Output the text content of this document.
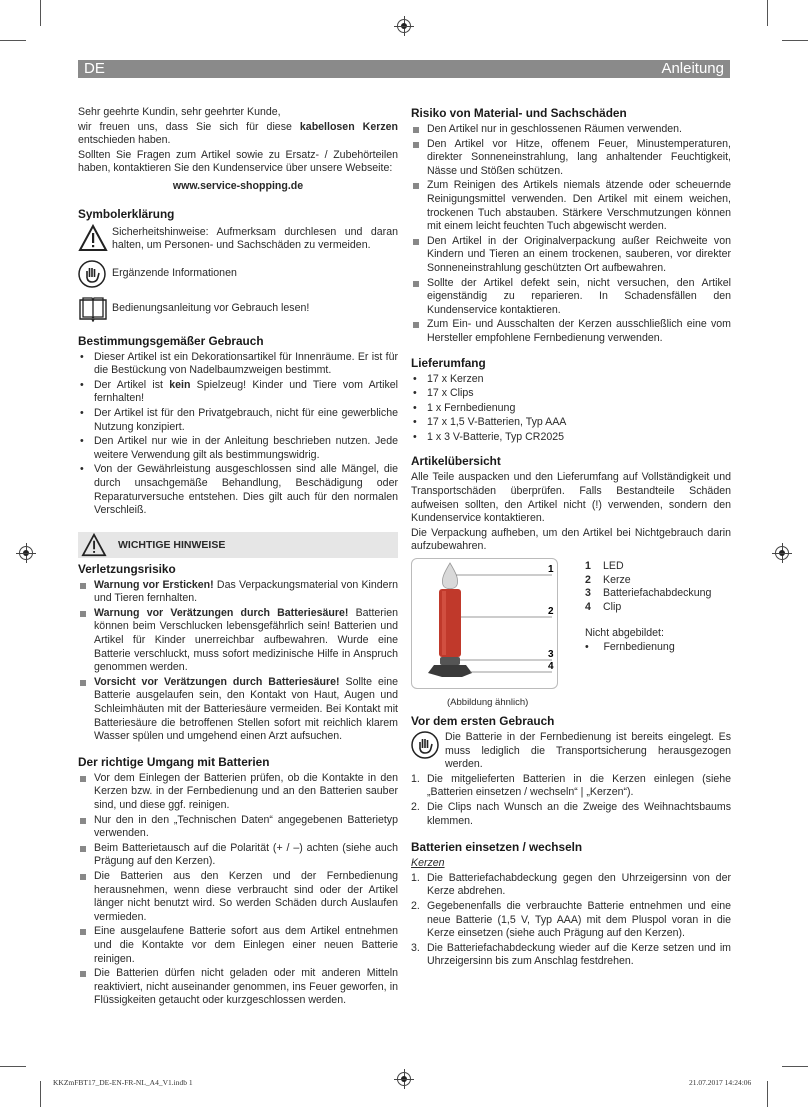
DE	Anleitung

Sehr geehrte Kundin, sehr geehrter Kunde,

wir freuen uns, dass Sie sich für diese kabellosen Kerzen entschieden haben.

Sollten Sie Fragen zum Artikel sowie zu Ersatz- / Zubehörteilen haben, kontaktieren Sie den Kundenservice über unsere Webseite:

www.service-shopping.de

Symbolerklärung

Sicherheitshinweise: Aufmerksam durchlesen und daran halten, um Personen- und Sachschäden zu vermeiden.

Ergänzende Informationen

Bedienungsanleitung vor Gebrauch lesen!

Bestimmungsgemäßer Gebrauch
• Dieser Artikel ist ein Dekorationsartikel für Innenräume. Er ist für die Bestückung von Nadelbaumzweigen bestimmt.
• Der Artikel ist kein Spielzeug! Kinder und Tiere vom Artikel fernhalten!
• Der Artikel ist für den Privatgebrauch, nicht für eine gewerbliche Nutzung konzipiert.
• Den Artikel nur wie in der Anleitung beschrieben nutzen. Jede weitere Verwendung gilt als bestimmungswidrig.
• Von der Gewährleistung ausgeschlossen sind alle Mängel, die durch unsachgemäße Behandlung, Beschädigung oder Reparaturversuche entstehen. Dies gilt auch für den normalen Verschleiß.
WICHTIGE HINWEISE
Verletzungsrisiko
Warnung vor Ersticken! Das Verpackungsmaterial von Kindern und Tieren fernhalten.
Warnung vor Verätzungen durch Batteriesäure! Batterien können beim Verschlucken lebensgefährlich sein! Batterien und Artikel für Kinder unerreichbar aufbewahren. Wurde eine Batterie verschluckt, muss sofort medizinische Hilfe in Anspruch genommen werden.
Vorsicht vor Verätzungen durch Batteriesäure! Sollte eine Batterie ausgelaufen sein, den Kontakt von Haut, Augen und Schleimhäuten mit der Batteriesäure vermeiden. Bei Kontakt mit Batteriesäure die betroffenen Stellen sofort mit reichlich klarem Wasser spülen und umgehend einen Arzt aufsuchen.
Der richtige Umgang mit Batterien
Vor dem Einlegen der Batterien prüfen, ob die Kontakte in den Kerzen bzw. in der Fernbedienung und an den Batterien sauber sind, und diese ggf. reinigen.
Nur den in den „Technischen Daten“ angegebenen Batterietyp verwenden.
Beim Batterietausch auf die Polarität (+ / –) achten (siehe auch Prägung auf den Kerzen).
Die Batterien aus den Kerzen und der Fernbedienung herausnehmen, wenn diese verbraucht sind oder der Artikel länger nicht benutzt wird. So werden Schäden durch Auslaufen vermieden.
Eine ausgelaufene Batterie sofort aus dem Artikel entnehmen und die Kontakte vor dem Einlegen einer neuen Batterie reinigen.
Die Batterien dürfen nicht geladen oder mit anderen Mitteln reaktiviert, nicht auseinander genommen, ins Feuer geworfen, in Flüssigkeiten getaucht oder kurzgeschlossen werden.
Risiko von Material- und Sachschäden
Den Artikel nur in geschlossenen Räumen verwenden.
Den Artikel vor Hitze, offenem Feuer, Minustemperaturen, direkter Sonneneinstrahlung, lang anhaltender Feuchtigkeit, Nässe und Stößen schützen.
Zum Reinigen des Artikels niemals ätzende oder scheuernde Reinigungsmittel verwenden. Den Artikel mit einem weichen, trockenen Tuch abstauben. Stärkere Verschmutzungen können mit einem leicht feuchten Tuch abgewischt werden.
Den Artikel in der Originalverpackung außer Reichweite von Kindern und Tieren an einem trockenen, sauberen, vor direkter Sonneneinstrahlung geschützten Ort aufbewahren.
Sollte der Artikel defekt sein, nicht versuchen, den Artikel eigenständig zu reparieren. In Schadensfällen den Kundenservice kontaktieren.
Zum Ein- und Ausschalten der Kerzen ausschließlich eine vom Hersteller empfohlene Fernbedienung verwenden.
Lieferumfang
• 17 x Kerzen
• 17 x Clips
• 1 x Fernbedienung
• 17 x 1,5 V-Batterien, Typ AAA
• 1 x 3 V-Batterie, Typ CR2025
Artikelübersicht

Alle Teile auspacken und den Lieferumfang auf Vollständigkeit und Transportschäden überprüfen. Falls Bestandteile Schäden aufweisen sollten, den Artikel nicht (!) verwenden, sondern den Kundenservice kontaktieren.

Die Verpackung aufheben, um den Artikel bei Nichtgebrauch darin aufzubewahren.

1
2
3
4
(Abbildung ähnlich)
1 LED
2 Kerze
3 Batteriefachabdeckung
4 Clip
Nicht abgebildet:
•     Fernbedienung
Vor dem ersten Gebrauch

Die Batterie in der Fernbedienung ist bereits eingelegt. Es muss lediglich die Transportsicherung herausgezogen werden.

1. Die mitgelieferten Batterien in die Kerzen einlegen (siehe „Batterien einsetzen / wechseln“ | „Kerzen“).
2. Die Clips nach Wunsch an die Zweige des Weihnachtsbaums klemmen.
Batterien einsetzen / wechseln

Kerzen

1. Die Batteriefachabdeckung gegen den Uhrzeigersinn von der Kerze abdrehen.
2. Gegebenenfalls die verbrauchte Batterie entnehmen und eine neue Batterie (1,5 V, Typ AAA) mit dem Pluspol voran in die Kerze einsetzen (siehe auch Prägung auf den Kerzen).
3. Die Batteriefachabdeckung wieder auf die Kerze setzen und im Uhrzeigersinn bis zum Anschlag festdrehen.
KKZmFBT17_DE-EN-FR-NL_A4_V1.indb 1	21.07.2017 14:24:06
